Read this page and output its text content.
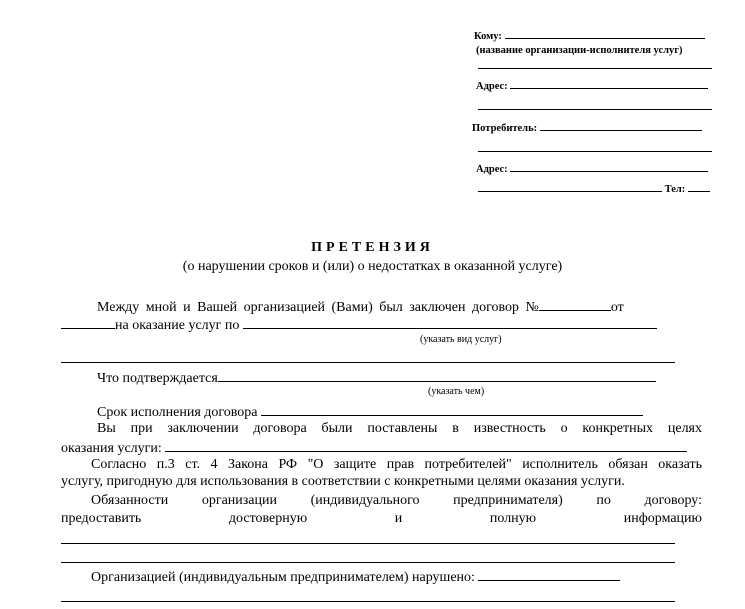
Кому:
(название организации-исполнителя услуг)
Адрес:
Потребитель:
Адрес:
Тел:
ПРЕТЕНЗИЯ
(о нарушении сроков и (или) о недостатках в оказанной услуге)
Между мной и Вашей организацией (Вами) был заключен договор №	от
на оказание услуг по
(указать вид услуг)
Что подтверждается
(указать чем)
Срок исполнения договора
Вы при заключении договора были поставлены в известность о конкретных целях
оказания услуги:
Согласно п.3 ст. 4 Закона РФ "О защите прав потребителей" исполнитель обязан оказать
услугу, пригодную для использования в соответствии с конкретными целями оказания услуги.
Обязанности организации (индивидуального предпринимателя) по договору:
предоставить достоверную и полную информацию
Организацией (индивидуальным предпринимателем) нарушено:
